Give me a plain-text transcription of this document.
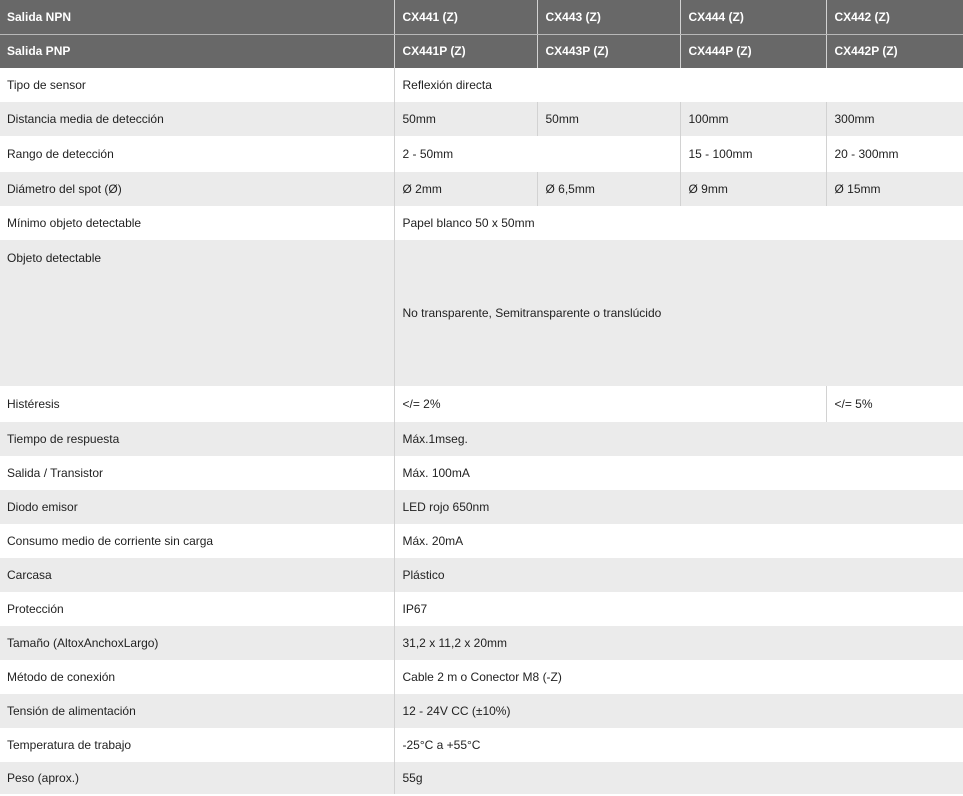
Salida NPN	CX441 (Z)	CX443 (Z)	CX444 (Z)	CX442 (Z)
Salida PNP	CX441P (Z)	CX443P (Z)	CX444P (Z)	CX442P (Z)
Tipo de sensor	Reflexión directa			
Distancia media de detección	50mm	50mm	100mm	300mm
Rango de detección	2 - 50mm		15 - 100mm	20 - 300mm
Diámetro del spot (Ø)	Ø 2mm	Ø 6,5mm	Ø 9mm	Ø 15mm
Mínimo objeto detectable	Papel blanco 50 x 50mm			
Objeto detectable	No transparente, Semitransparente o translúcido			
Histéresis	</= 2%			</= 5%
Tiempo de respuesta	Máx.1mseg.			
Salida / Transistor	Máx. 100mA			
Diodo emisor	LED rojo 650nm			
Consumo medio de corriente sin carga	Máx. 20mA			
Carcasa	Plástico			
Protección	IP67			
Tamaño (AltoxAnchoxLargo)	31,2 x 11,2 x 20mm			
Método de conexión	Cable 2 m o Conector M8 (-Z)			
Tensión de alimentación	12 - 24V CC (±10%)			
Temperatura de trabajo	-25°C a +55°C			
Peso (aprox.)	55g			
